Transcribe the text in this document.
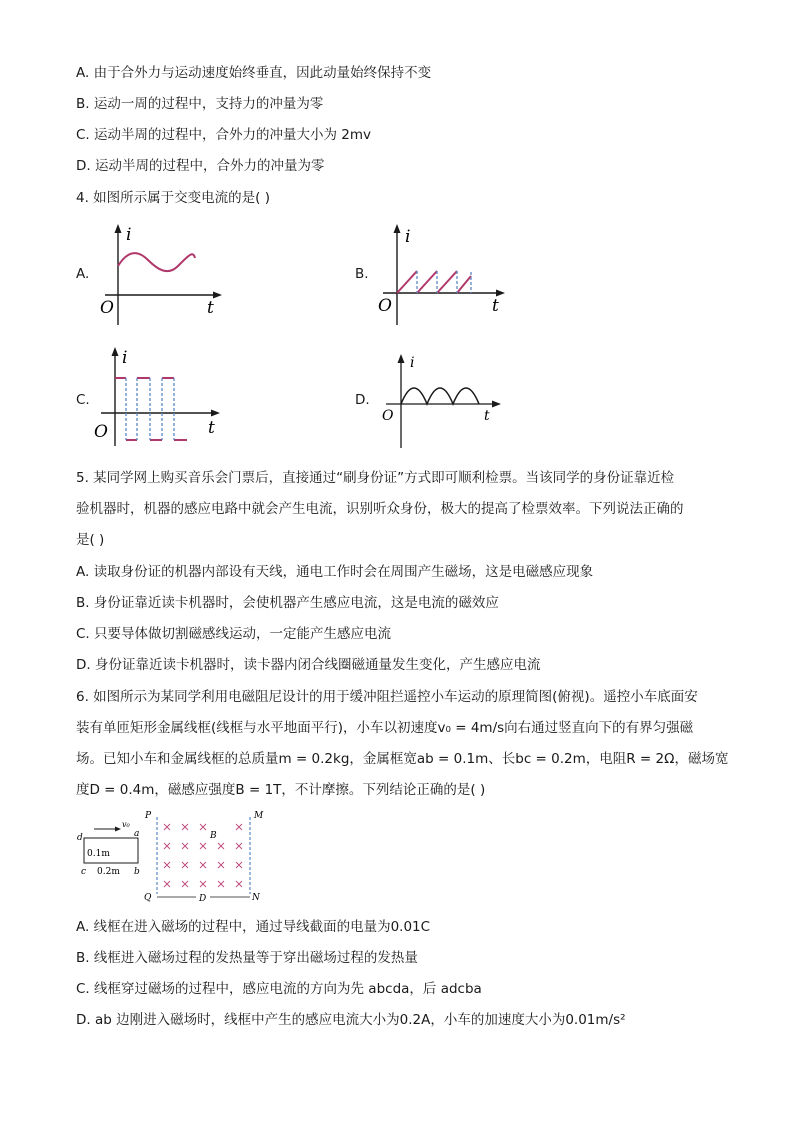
A. 由于合外力与运动速度始终垂直，因此动量始终保持不变
B. 运动一周的过程中，支持力的冲量为零
C. 运动半周的过程中，合外力的冲量大小为 2mv
D. 运动半周的过程中，合外力的冲量为零
4. 如图所示属于交变电流的是( )
A.	B.
C.	D.
i
t
O
i
t
O
i
t
O
i
t
O
5. 某同学网上购买音乐会门票后，直接通过“刷身份证”方式即可顺利检票。当该同学的身份证靠近检
验机器时，机器的感应电路中就会产生电流，识别听众身份，极大的提高了检票效率。下列说法正确的
是( )
A. 读取身份证的机器内部设有天线，通电工作时会在周围产生磁场，这是电磁感应现象
B. 身份证靠近读卡机器时，会使机器产生感应电流，这是电流的磁效应
C. 只要导体做切割磁感线运动，一定能产生感应电流
D. 身份证靠近读卡机器时，读卡器内闭合线圈磁通量发生变化，产生感应电流
6. 如图所示为某同学利用电磁阻尼设计的用于缓冲阻拦遥控小车运动的原理简图(俯视)。遥控小车底面安
装有单匝矩形金属线框(线框与水平地面平行)，小车以初速度v₀ = 4m/s向右通过竖直向下的有界匀强磁
场。已知小车和金属线框的总质量m = 0.2kg，金属框宽ab = 0.1m、长bc = 0.2m，电阻R = 2Ω，磁场宽
度D = 0.4m，磁感应强度B = 1T，不计摩擦。下列结论正确的是( )
v₀
d	a
c	b
0.1m
0.2m
P	M
Q	N
B
D
A. 线框在进入磁场的过程中，通过导线截面的电量为0.01C
B. 线框进入磁场过程的发热量等于穿出磁场过程的发热量
C. 线框穿过磁场的过程中，感应电流的方向为先 abcda，后 adcba
D. ab 边刚进入磁场时，线框中产生的感应电流大小为0.2A，小车的加速度大小为0.01m/s²
